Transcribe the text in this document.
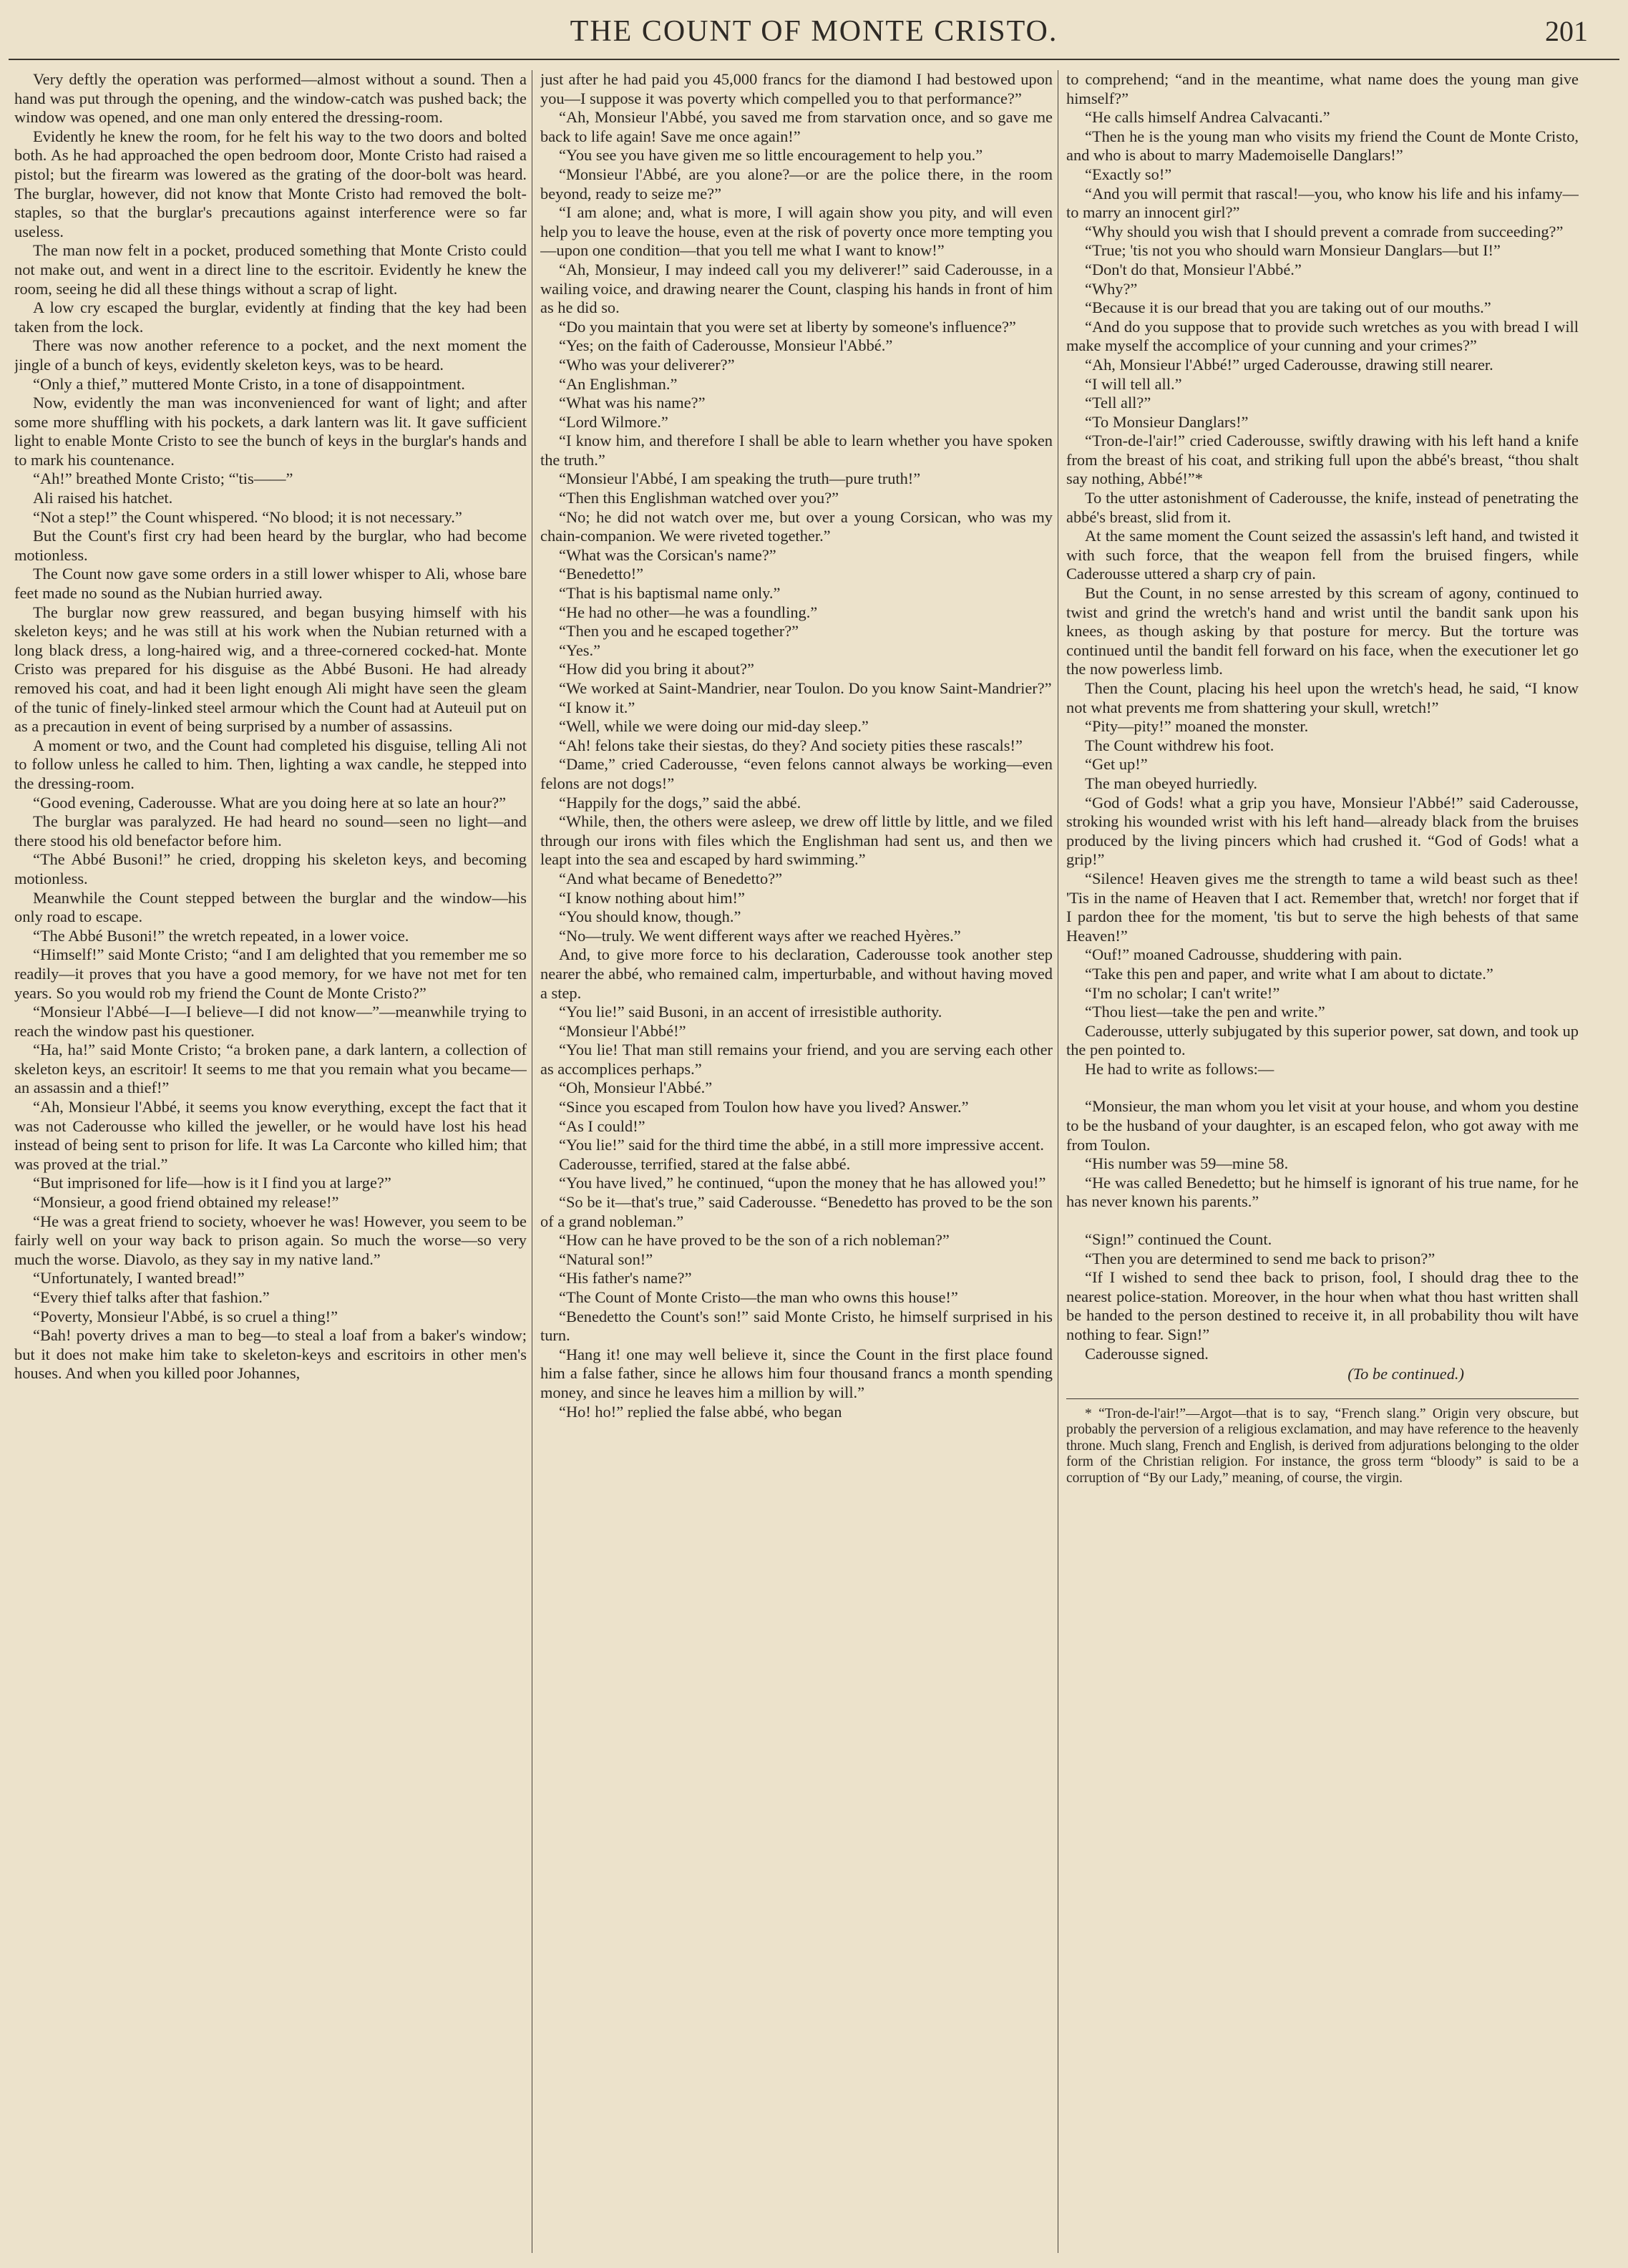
THE COUNT OF MONTE CRISTO.	201

Very deftly the operation was performed—almost without a sound. Then a hand was put through the opening, and the window-catch was pushed back; the window was opened, and one man only entered the dressing-room.

Evidently he knew the room, for he felt his way to the two doors and bolted both. As he had approached the open bedroom door, Monte Cristo had raised a pistol; but the firearm was lowered as the grating of the door-bolt was heard. The burglar, however, did not know that Monte Cristo had removed the bolt-staples, so that the burglar's precautions against interference were so far useless.

The man now felt in a pocket, produced something that Monte Cristo could not make out, and went in a direct line to the escritoir. Evidently he knew the room, seeing he did all these things without a scrap of light.

A low cry escaped the burglar, evidently at finding that the key had been taken from the lock.

There was now another reference to a pocket, and the next moment the jingle of a bunch of keys, evidently skeleton keys, was to be heard.

“Only a thief,” muttered Monte Cristo, in a tone of disappointment.

Now, evidently the man was inconvenienced for want of light; and after some more shuffling with his pockets, a dark lantern was lit. It gave sufficient light to enable Monte Cristo to see the bunch of keys in the burglar's hands and to mark his countenance.

“Ah!” breathed Monte Cristo; “'tis——”

Ali raised his hatchet.

“Not a step!” the Count whispered. “No blood; it is not necessary.”

But the Count's first cry had been heard by the burglar, who had become motionless.

The Count now gave some orders in a still lower whisper to Ali, whose bare feet made no sound as the Nubian hurried away.

The burglar now grew reassured, and began busying himself with his skeleton keys; and he was still at his work when the Nubian returned with a long black dress, a long-haired wig, and a three-cornered cocked-hat. Monte Cristo was prepared for his disguise as the Abbé Busoni. He had already removed his coat, and had it been light enough Ali might have seen the gleam of the tunic of finely-linked steel armour which the Count had at Auteuil put on as a precaution in event of being surprised by a number of assassins.

A moment or two, and the Count had completed his disguise, telling Ali not to follow unless he called to him. Then, lighting a wax candle, he stepped into the dressing-room.

“Good evening, Caderousse. What are you doing here at so late an hour?”

The burglar was paralyzed. He had heard no sound—seen no light—and there stood his old benefactor before him.

“The Abbé Busoni!” he cried, dropping his skeleton keys, and becoming motionless.

Meanwhile the Count stepped between the burglar and the window—his only road to escape.

“The Abbé Busoni!” the wretch repeated, in a lower voice.

“Himself!” said Monte Cristo; “and I am delighted that you remember me so readily—it proves that you have a good memory, for we have not met for ten years. So you would rob my friend the Count de Monte Cristo?”

“Monsieur l'Abbé—I—I believe—I did not know—”—meanwhile trying to reach the window past his questioner.

“Ha, ha!” said Monte Cristo; “a broken pane, a dark lantern, a collection of skeleton keys, an escritoir! It seems to me that you remain what you became—an assassin and a thief!”

“Ah, Monsieur l'Abbé, it seems you know everything, except the fact that it was not Caderousse who killed the jeweller, or he would have lost his head instead of being sent to prison for life. It was La Carconte who killed him; that was proved at the trial.”

“But imprisoned for life—how is it I find you at large?”

“Monsieur, a good friend obtained my release!”

“He was a great friend to society, whoever he was! However, you seem to be fairly well on your way back to prison again. So much the worse—so very much the worse. Diavolo, as they say in my native land.”

“Unfortunately, I wanted bread!”

“Every thief talks after that fashion.”

“Poverty, Monsieur l'Abbé, is so cruel a thing!”

“Bah! poverty drives a man to beg—to steal a loaf from a baker's window; but it does not make him take to skeleton-keys and escritoirs in other men's houses. And when you killed poor Johannes,

just after he had paid you 45,000 francs for the diamond I had bestowed upon you—I suppose it was poverty which compelled you to that performance?”

“Ah, Monsieur l'Abbé, you saved me from starvation once, and so gave me back to life again! Save me once again!”

“You see you have given me so little encouragement to help you.”

“Monsieur l'Abbé, are you alone?—or are the police there, in the room beyond, ready to seize me?”

“I am alone; and, what is more, I will again show you pity, and will even help you to leave the house, even at the risk of poverty once more tempting you—upon one condition—that you tell me what I want to know!”

“Ah, Monsieur, I may indeed call you my deliverer!” said Caderousse, in a wailing voice, and drawing nearer the Count, clasping his hands in front of him as he did so.

“Do you maintain that you were set at liberty by someone's influence?”

“Yes; on the faith of Caderousse, Monsieur l'Abbé.”

“Who was your deliverer?”

“An Englishman.”

“What was his name?”

“Lord Wilmore.”

“I know him, and therefore I shall be able to learn whether you have spoken the truth.”

“Monsieur l'Abbé, I am speaking the truth—pure truth!”

“Then this Englishman watched over you?”

“No; he did not watch over me, but over a young Corsican, who was my chain-companion. We were riveted together.”

“What was the Corsican's name?”

“Benedetto!”

“That is his baptismal name only.”

“He had no other—he was a foundling.”

“Then you and he escaped together?”

“Yes.”

“How did you bring it about?”

“We worked at Saint-Mandrier, near Toulon. Do you know Saint-Mandrier?”

“I know it.”

“Well, while we were doing our mid-day sleep.”

“Ah! felons take their siestas, do they? And society pities these rascals!”

“Dame,” cried Caderousse, “even felons cannot always be working—even felons are not dogs!”

“Happily for the dogs,” said the abbé.

“While, then, the others were asleep, we drew off little by little, and we filed through our irons with files which the Englishman had sent us, and then we leapt into the sea and escaped by hard swimming.”

“And what became of Benedetto?”

“I know nothing about him!”

“You should know, though.”

“No—truly. We went different ways after we reached Hyères.”

And, to give more force to his declaration, Caderousse took another step nearer the abbé, who remained calm, imperturbable, and without having moved a step.

“You lie!” said Busoni, in an accent of irresistible authority.

“Monsieur l'Abbé!”

“You lie! That man still remains your friend, and you are serving each other as accomplices perhaps.”

“Oh, Monsieur l'Abbé.”

“Since you escaped from Toulon how have you lived? Answer.”

“As I could!”

“You lie!” said for the third time the abbé, in a still more impressive accent.

Caderousse, terrified, stared at the false abbé.

“You have lived,” he continued, “upon the money that he has allowed you!”

“So be it—that's true,” said Caderousse. “Benedetto has proved to be the son of a grand nobleman.”

“How can he have proved to be the son of a rich nobleman?”

“Natural son!”

“His father's name?”

“The Count of Monte Cristo—the man who owns this house!”

“Benedetto the Count's son!” said Monte Cristo, he himself surprised in his turn.

“Hang it! one may well believe it, since the Count in the first place found him a false father, since he allows him four thousand francs a month spending money, and since he leaves him a million by will.”

“Ho! ho!” replied the false abbé, who began

to comprehend; “and in the meantime, what name does the young man give himself?”

“He calls himself Andrea Calvacanti.”

“Then he is the young man who visits my friend the Count de Monte Cristo, and who is about to marry Mademoiselle Danglars!”

“Exactly so!”

“And you will permit that rascal!—you, who know his life and his infamy—to marry an innocent girl?”

“Why should you wish that I should prevent a comrade from succeeding?”

“True; 'tis not you who should warn Monsieur Danglars—but I!”

“Don't do that, Monsieur l'Abbé.”

“Why?”

“Because it is our bread that you are taking out of our mouths.”

“And do you suppose that to provide such wretches as you with bread I will make myself the accomplice of your cunning and your crimes?”

“Ah, Monsieur l'Abbé!” urged Caderousse, drawing still nearer.

“I will tell all.”

“Tell all?”

“To Monsieur Danglars!”

“Tron-de-l'air!” cried Caderousse, swiftly drawing with his left hand a knife from the breast of his coat, and striking full upon the abbé's breast, “thou shalt say nothing, Abbé!”*

To the utter astonishment of Caderousse, the knife, instead of penetrating the abbé's breast, slid from it.

At the same moment the Count seized the assassin's left hand, and twisted it with such force, that the weapon fell from the bruised fingers, while Caderousse uttered a sharp cry of pain.

But the Count, in no sense arrested by this scream of agony, continued to twist and grind the wretch's hand and wrist until the bandit sank upon his knees, as though asking by that posture for mercy. But the torture was continued until the bandit fell forward on his face, when the executioner let go the now powerless limb.

Then the Count, placing his heel upon the wretch's head, he said, “I know not what prevents me from shattering your skull, wretch!”

“Pity—pity!” moaned the monster.

The Count withdrew his foot.

“Get up!”

The man obeyed hurriedly.

“God of Gods! what a grip you have, Monsieur l'Abbé!” said Caderousse, stroking his wounded wrist with his left hand—already black from the bruises produced by the living pincers which had crushed it. “God of Gods! what a grip!”

“Silence! Heaven gives me the strength to tame a wild beast such as thee! 'Tis in the name of Heaven that I act. Remember that, wretch! nor forget that if I pardon thee for the moment, 'tis but to serve the high behests of that same Heaven!”

“Ouf!” moaned Cadrousse, shuddering with pain.

“Take this pen and paper, and write what I am about to dictate.”

“I'm no scholar; I can't write!”

“Thou liest—take the pen and write.”

Caderousse, utterly subjugated by this superior power, sat down, and took up the pen pointed to.

He had to write as follows:—

“Monsieur, the man whom you let visit at your house, and whom you destine to be the husband of your daughter, is an escaped felon, who got away with me from Toulon.

“His number was 59—mine 58.

“He was called Benedetto; but he himself is ignorant of his true name, for he has never known his parents.”

“Sign!” continued the Count.

“Then you are determined to send me back to prison?”

“If I wished to send thee back to prison, fool, I should drag thee to the nearest police-station. Moreover, in the hour when what thou hast written shall be handed to the person destined to receive it, in all probability thou wilt have nothing to fear. Sign!”

Caderousse signed.

(To be continued.)

* “Tron-de-l'air!”—Argot—that is to say, “French slang.” Origin very obscure, but probably the perversion of a religious exclamation, and may have reference to the heavenly throne. Much slang, French and English, is derived from adjurations belonging to the older form of the Christian religion. For instance, the gross term “bloody” is said to be a corruption of “By our Lady,” meaning, of course, the virgin.
